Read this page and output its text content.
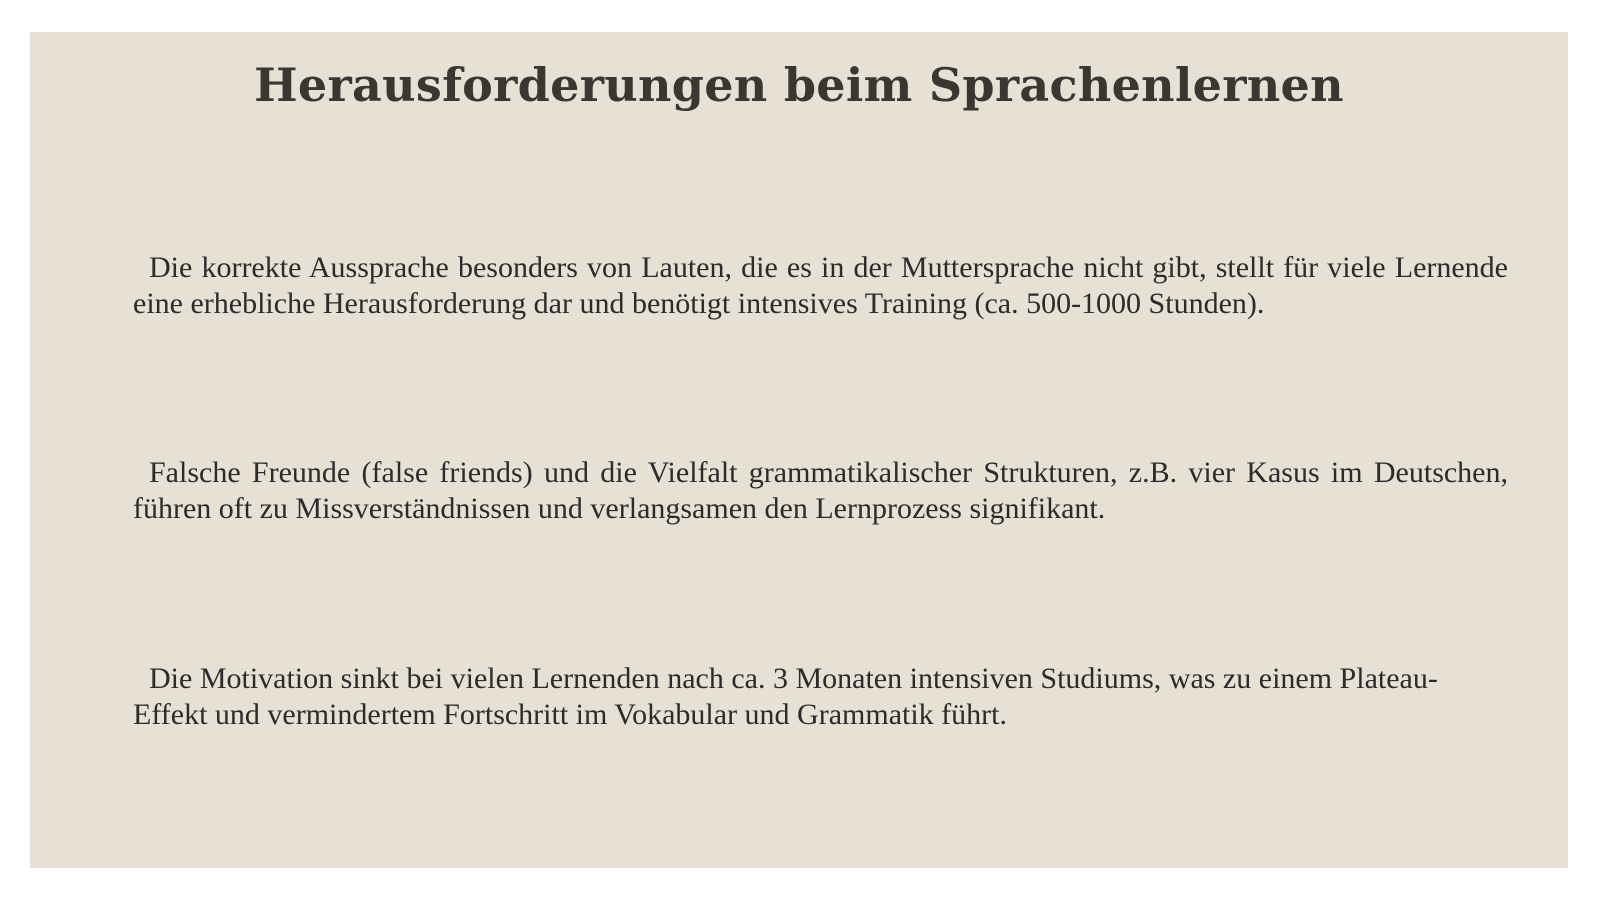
Herausforderungen beim Sprachenlernen

Die korrekte Aussprache besonders von Lauten, die es in der Muttersprache nicht gibt, stellt für viele Lernende eine erhebliche Herausforderung dar und benötigt intensives Training (ca. 500-1000 Stunden).

Falsche Freunde (false friends) und die Vielfalt grammatikalischer Strukturen, z.B. vier Kasus im Deutschen, führen oft zu Missverständnissen und verlangsamen den Lernprozess signifikant.

Die Motivation sinkt bei vielen Lernenden nach ca. 3 Monaten intensiven Studiums, was zu einem Plateau-Effekt und vermindertem Fortschritt im Vokabular und Grammatik führt.
